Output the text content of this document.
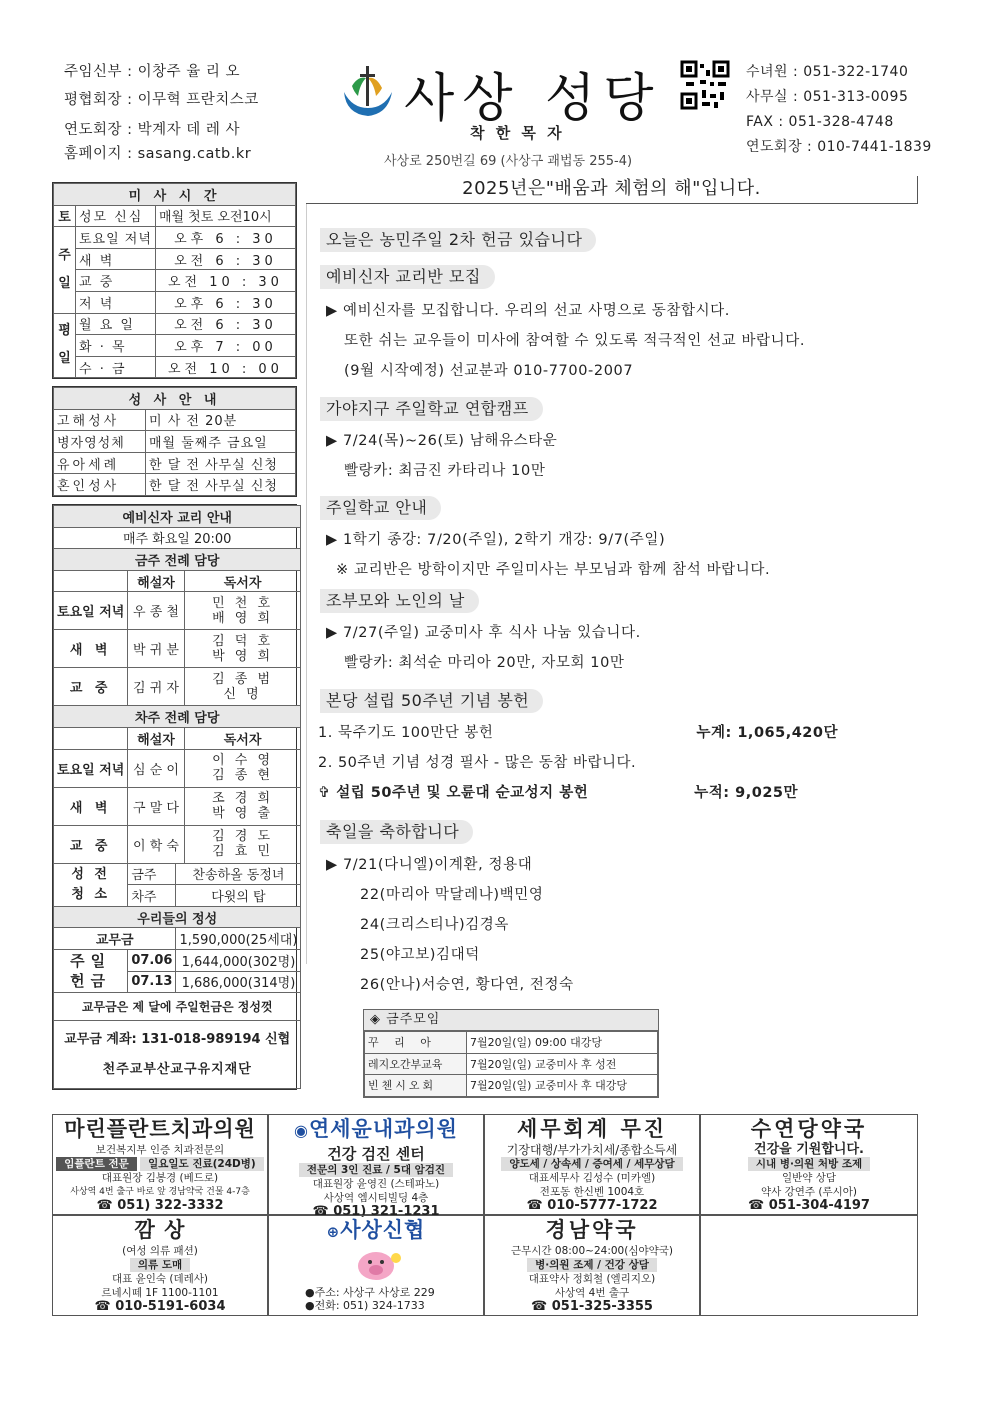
주임신부 : 이창주 율 리 오
평협회장 : 이무혁 프란치스코
연도회장 : 박계자 데 레 사
홈페이지 : sasang.catb.kr
사상 성당
착 한 목 자
사상로 250번길 69 (사상구 괘법동 255-4)
수녀원 : 051-322-1740
사무실 : 051-313-0095
FAX : 051-328-4748
연도회장 : 010-7441-1839
2025년은"배움과 체험의 해"입니다.
미 사 시 간		
토	성모 신심	매월 첫토 오전10시
주일	토요일 저녁	오후 6 : 30
	새 벽	오전 6 : 30
	교 중	오전 10 : 30
	저 녁	오후 6 : 30
평일	월 요 일	오전 6 : 30
	화 · 목	오후 7 : 00
	수 · 금	오전 10 : 00
성 사 안 내	
고해성사	미 사 전 20분
병자영성체	매월 둘째주 금요일
유아세례	한 달 전 사무실 신청
혼인성사	한 달 전 사무실 신청
예비신자 교리 안내			
매주 화요일 20:00			
금주 전례 담당			
	해설자		독서자
토요일 저녁	우 종 철		민 천 호
배 영 희

새 벽	박 귀 분		김 덕 호
박 영 희

교 중	김 귀 자		김 종 범
신 명

차주 전례 담당			
	해설자		독서자
토요일 저녁	심 순 이		이 수 영
김 종 현

새 벽	구 말 다		조 경 희
박 영 출

교 중	이 학 숙		김 경 도
김 효 민

성 전
청 소	금주	찬송하올 동정녀	
	차주	다윗의 탑	
우리들의 정성			
교무금		1,590,000(25세대)	
주일 헌금	07.06	1,644,000(302명)	
	07.13	1,686,000(314명)	
교무금은 제 달에 주일헌금은 정성껏			

교무금 계좌: 131-018-989194 신협
천주교부산교구유지재단			
오늘은 농민주일 2차 헌금 있습니다
예비신자 교리반 모집
▶ 예비신자를 모집합니다. 우리의 선교 사명으로 동참합시다.
또한 쉬는 교우들이 미사에 참여할 수 있도록 적극적인 선교 바랍니다.
(9월 시작예정) 선교분과 010-7700-2007
가야지구 주일학교 연합캠프
▶ 7/24(목)~26(토) 남해유스타운
빨랑카: 최금진 카타리나 10만
주일학교 안내
▶ 1학기 종강: 7/20(주일), 2학기 개강: 9/7(주일)
※ 교리반은 방학이지만 주일미사는 부모님과 함께 참석 바랍니다.
조부모와 노인의 날
▶ 7/27(주일) 교중미사 후 식사 나눔 있습니다.
빨랑카: 최석순 마리아 20만, 자모회 10만
본당 설립 50주년 기념 봉헌
1. 묵주기도 100만단 봉헌	누계: 1,065,420단
2. 50주년 기념 성경 필사 - 많은 동참 바랍니다.
✞ 설립 50주년 및 오륜대 순교성지 봉헌	누적: 9,025만
축일을 축하합니다
▶ 7/21(다니엘)이계환, 정용대
22(마리아 막달레나)백민영
24(크리스티나)김경옥
25(야고보)김대덕
26(안나)서승연, 황다연, 전정숙
◈ 금주모임
꾸 리 아	7월20일(일) 09:00 대강당
레지오간부교육	7월20일(일) 교중미사 후 성전
빈첸시오회	7월20일(일) 교중미사 후 대강당
마린플란트치과의원
보건복지부 인증 치과전문의
임플란트 전문 일요일도 진료(24D병)
대표원장 김봉경 (베드로)
사상역 4번 출구 바로 앞 경남약국 건물 4-7층
☎ 051) 322-3332
◉연세윤내과의원
건강 검진 센터
전문의 3인 진료 / 5대 암검진
대표원장 윤영진 (스테파노)
사상역 엠시티빌딩 4층
☎ 051) 321-1231
세무회계 무진
기장대행/부가가치세/종합소득세
양도세 / 상속세 / 증여세 / 세무상담
대표세무사 김성수 (미카엘)
전포동 한신벤 1004호
☎ 010-5777-1722
수연당약국
건강을 기원합니다.
시내 병·의원 처방 조제
일반약 상담
약사 강연주 (루시아)
☎ 051-304-4197
깜 상
(여성 의류 패션)
의류 도매
대표 윤인숙 (데레사)
르네시떼 1F 1100-1101
☎ 010-5191-6034
⊕사상신협
●주소: 사상구 사상로 229
●전화: 051) 324-1733
경남약국
근무시간 08:00~24:00(심야약국)
병·의원 조제 / 건강 상담
대표약사 정회철 (엘리지오)
사상역 4번 출구
☎ 051-325-3355
